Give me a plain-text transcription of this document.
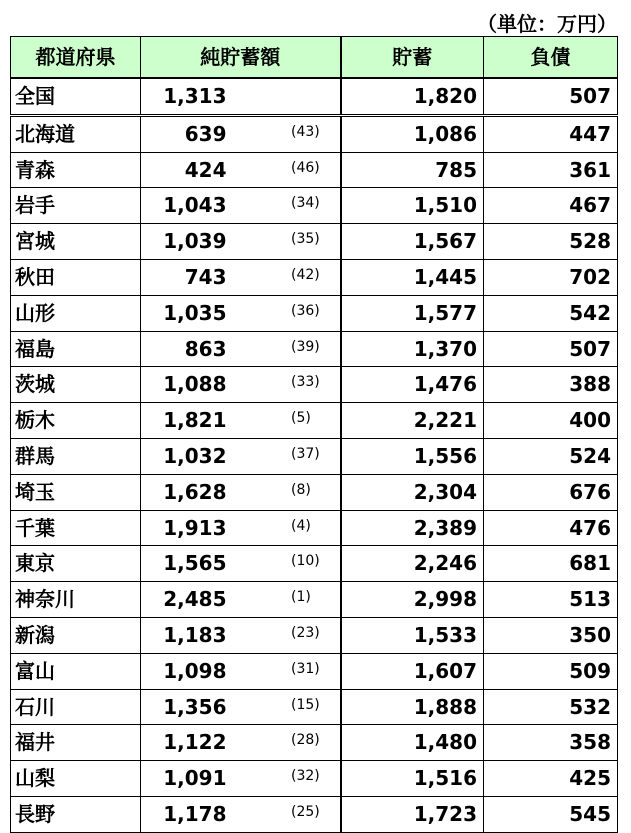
（単位：万円）
都道府県	純貯蓄額	貯蓄	負債
全国	1,313		1,820	507
北海道	639 ( 43 )		1,086	447
青森	424 ( 46 )		785	361
岩手	1,043 ( 34 )		1,510	467
宮城	1,039 ( 35 )		1,567	528
秋田	743 ( 42 )		1,445	702
山形	1,035 ( 36 )		1,577	542
福島	863 ( 39 )		1,370	507
茨城	1,088 ( 33 )		1,476	388
栃木	1,821 ( 5 )		2,221	400
群馬	1,032 ( 37 )		1,556	524
埼玉	1,628 ( 8 )		2,304	676
千葉	1,913 ( 4 )		2,389	476
東京	1,565 ( 10 )		2,246	681
神奈川	2,485 ( 1 )		2,998	513
新潟	1,183 ( 23 )		1,533	350
富山	1,098 ( 31 )		1,607	509
石川	1,356 ( 15 )		1,888	532
福井	1,122 ( 28 )		1,480	358
山梨	1,091 ( 32 )		1,516	425
長野	1,178 ( 25 )		1,723	545
